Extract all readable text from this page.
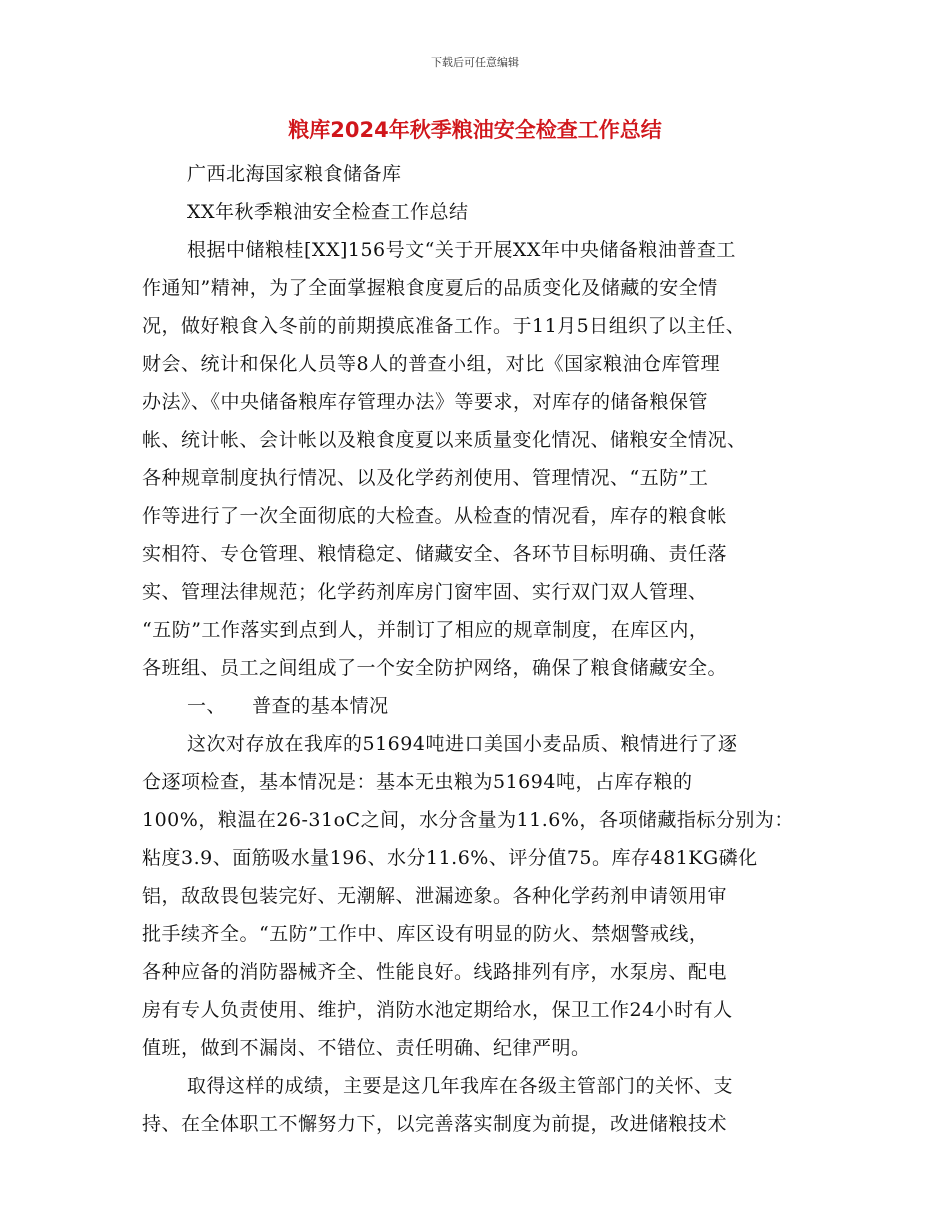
下载后可任意编辑
粮库2024年秋季粮油安全检查工作总结
广西北海国家粮食储备库
XX年秋季粮油安全检查工作总结
根据中储粮桂[XX]156号文“关于开展XX年中央储备粮油普查工
作通知”精神，为了全面掌握粮食度夏后的品质变化及储藏的安全情
况，做好粮食入冬前的前期摸底准备工作。于11月5日组织了以主任、
财会、统计和保化人员等8人的普查小组，对比《国家粮油仓库管理
办法》、《中央储备粮库存管理办法》等要求，对库存的储备粮保管
帐、统计帐、会计帐以及粮食度夏以来质量变化情况、储粮安全情况、
各种规章制度执行情况、以及化学药剂使用、管理情况、“五防”工
作等进行了一次全面彻底的大检查。从检查的情况看，库存的粮食帐
实相符、专仓管理、粮情稳定、储藏安全、各环节目标明确、责任落
实、管理法律规范；化学药剂库房门窗牢固、实行双门双人管理、
“五防”工作落实到点到人，并制订了相应的规章制度，在库区内，
各班组、员工之间组成了一个安全防护网络，确保了粮食储藏安全。
一、    普查的基本情况
这次对存放在我库的51694吨进口美国小麦品质、粮情进行了逐
仓逐项检查，基本情况是：基本无虫粮为51694吨，占库存粮的
100%，粮温在26-31oC之间，水分含量为11.6%，各项储藏指标分别为：
粘度3.9、面筋吸水量196、水分11.6%、评分值75。库存481KG磷化
铝，敌敌畏包装完好、无潮解、泄漏迹象。各种化学药剂申请领用审
批手续齐全。“五防”工作中、库区设有明显的防火、禁烟警戒线，
各种应备的消防器械齐全、性能良好。线路排列有序，水泵房、配电
房有专人负责使用、维护，消防水池定期给水，保卫工作24小时有人
值班，做到不漏岗、不错位、责任明确、纪律严明。
取得这样的成绩，主要是这几年我库在各级主管部门的关怀、支
持、在全体职工不懈努力下，以完善落实制度为前提，改进储粮技术
